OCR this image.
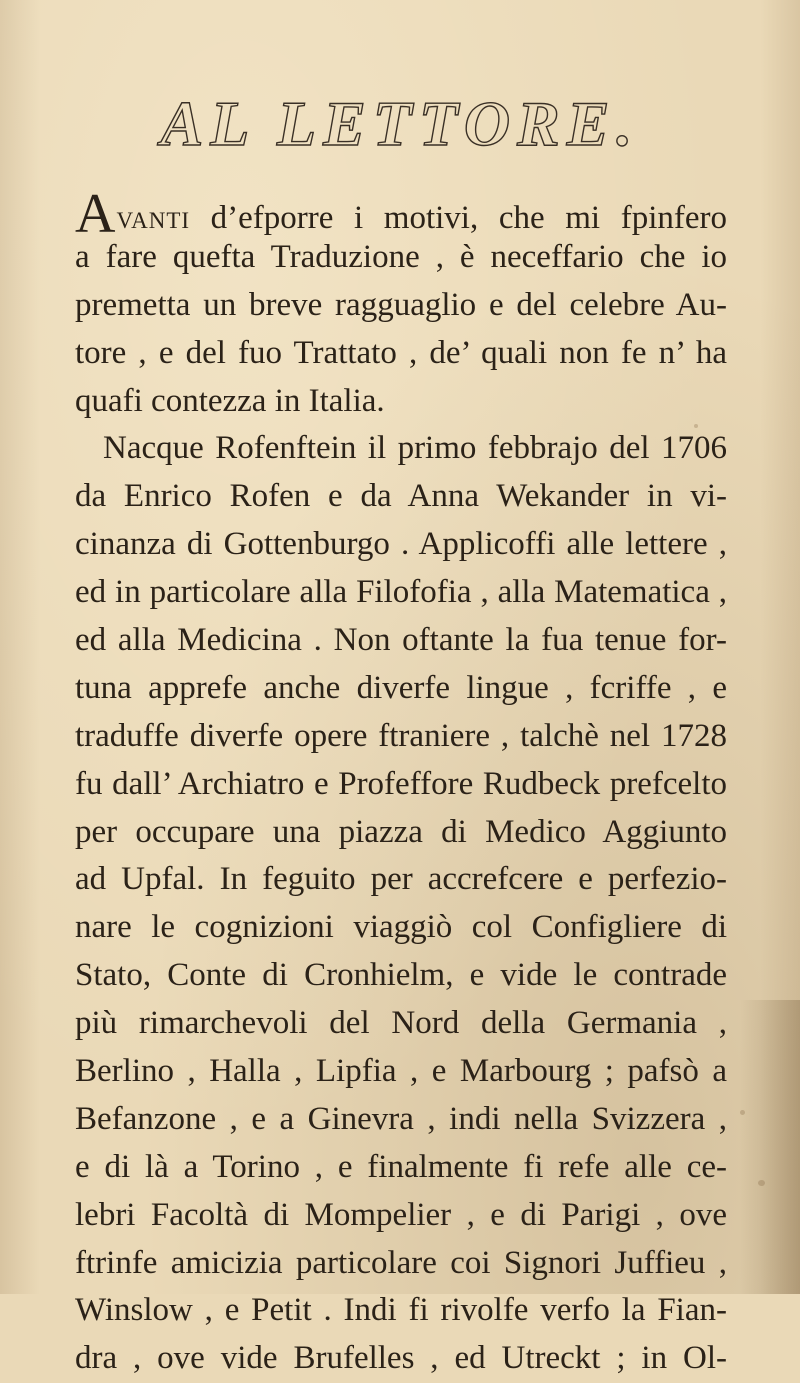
AL LETTORE.
AVANTI d’efporre i motivi, che mi fpinfero
a fare quefta Traduzione , è neceffario che io
premetta un breve ragguaglio e del celebre Au-
tore , e del fuo Trattato , de’ quali non fe n’ ha
quafi contezza in Italia.
Nacque Rofenftein il primo febbrajo del 1706
da Enrico Rofen e da Anna Wekander in vi-
cinanza di Gottenburgo . Applicoffi alle lettere ,
ed in particolare alla Filofofia , alla Matematica ,
ed alla Medicina . Non oftante la fua tenue for-
tuna apprefe anche diverfe lingue , fcriffe , e
traduffe diverfe opere ftraniere , talchè nel 1728
fu dall’ Archiatro e Profeffore Rudbeck prefcelto
per occupare una piazza di Medico Aggiunto
ad Upfal. In feguito per accrefcere e perfezio-
nare le cognizioni viaggiò col Configliere di
Stato, Conte di Cronhielm, e vide le contrade
più rimarchevoli del Nord della Germania ,
Berlino , Halla , Lipfia , e Marbourg ; pafsò a
Befanzone , e a Ginevra , indi nella Svizzera ,
e di là a Torino , e finalmente fi refe alle ce-
lebri Facoltà di Mompelier , e di Parigi , ove
ftrinfe amicizia particolare coi Signori Juffieu ,
Winslow , e Petit . Indi fi rivolfe verfo la Fian-
dra , ove vide Brufelles , ed Utreckt ; in Ol-
